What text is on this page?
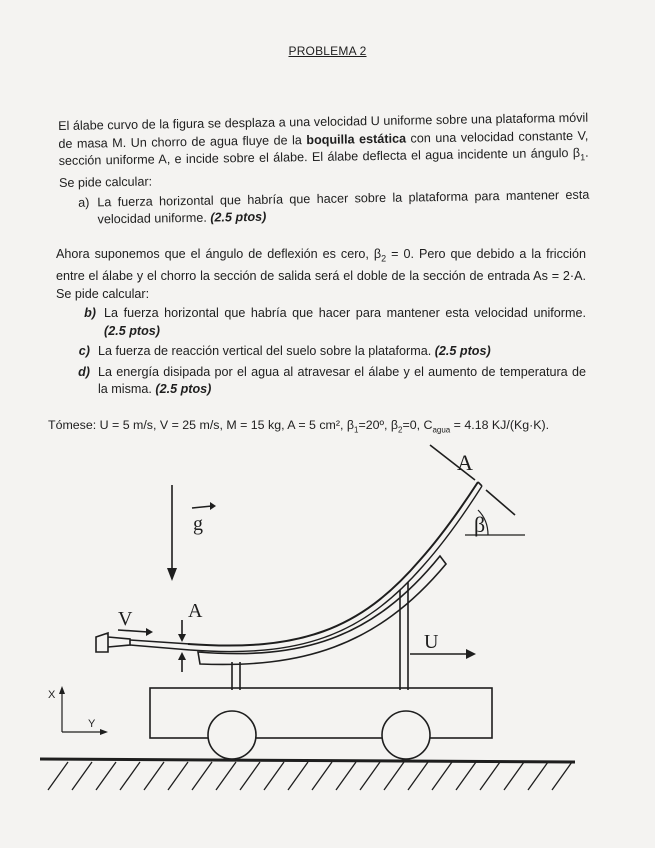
PROBLEMA 2
El álabe curvo de la figura se desplaza a una velocidad U uniforme sobre una plataforma móvil de masa M. Un chorro de agua fluye de la boquilla estática con una velocidad constante V, sección uniforme A, e incide sobre el álabe. El álabe deflecta el agua incidente un ángulo $\beta_1$. Se pide calcular:
a) La fuerza horizontal que habría que hacer sobre la plataforma para mantener esta velocidad uniforme. (2.5 ptos)
Ahora suponemos que el ángulo de deflexión es cero, $\beta_2 = 0$. Pero que debido a la fricción entre el álabe y el chorro la sección de salida será el doble de la sección de entrada As = 2·A. Se pide calcular:
b) La fuerza horizontal que habría que hacer para mantener esta velocidad uniforme. (2.5 ptos)
c) La fuerza de reacción vertical del suelo sobre la plataforma. (2.5 ptos)
d) La energía disipada por el agua al atravesar el álabe y el aumento de temperatura de la misma. (2.5 ptos)
Tómese: U = 5 m/s, V = 25 m/s, M = 15 kg, A = 5 cm², $\beta_1=20º$, $\beta_2=0$, $C_{agua} = 4.18$ KJ/(Kg·K).
A
β
g
V	A
U
X
Y
